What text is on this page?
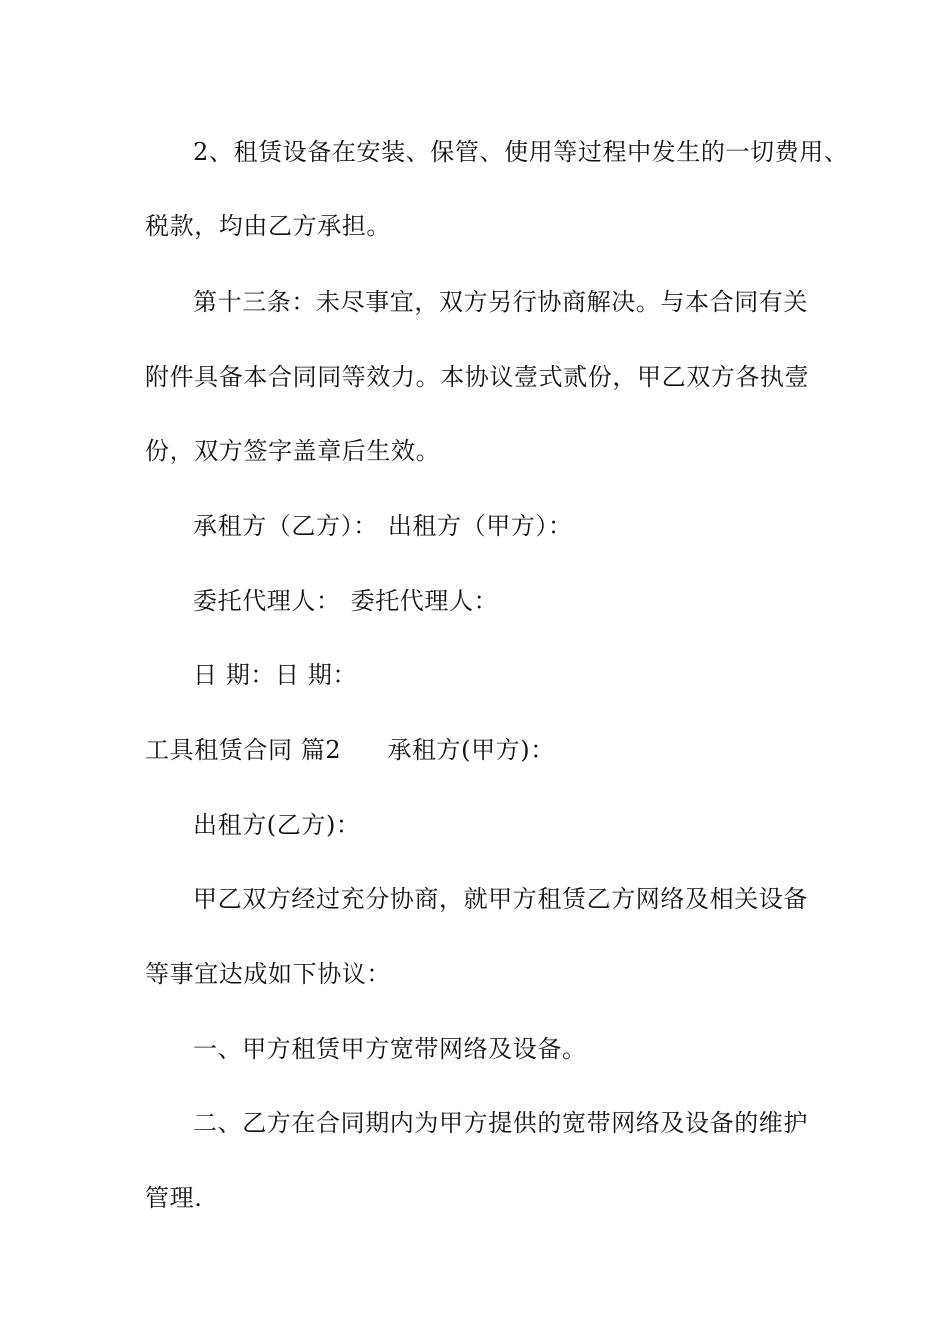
2、租赁设备在安装、保管、使用等过程中发生的一切费用、
税款，均由乙方承担。
第十三条：未尽事宜，双方另行协商解决。与本合同有关
附件具备本合同同等效力。本协议壹式贰份，甲乙双方各执壹
份，双方签字盖章后生效。
承租方（乙方）： 出租方（甲方）：
委托代理人： 委托代理人：
日 期：日 期：
工具租赁合同 篇2 承租方(甲方)：
出租方(乙方)：
甲乙双方经过充分协商，就甲方租赁乙方网络及相关设备
等事宜达成如下协议：
一、甲方租赁甲方宽带网络及设备。
二、乙方在合同期内为甲方提供的宽带网络及设备的维护
管理.
